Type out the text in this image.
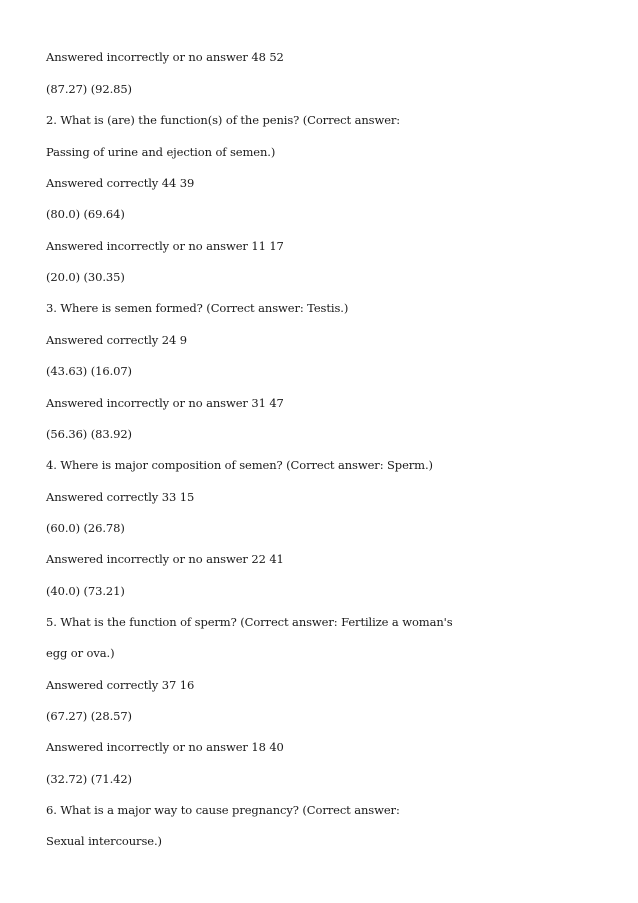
Answered incorrectly or no answer 48 52

(87.27) (92.85)

2. What is (are) the function(s) of the penis? (Correct answer:

Passing of urine and ejection of semen.)

Answered correctly 44 39

(80.0) (69.64)

Answered incorrectly or no answer 11 17

(20.0) (30.35)

3. Where is semen formed? (Correct answer: Testis.)

Answered correctly 24 9

(43.63) (16.07)

Answered incorrectly or no answer 31 47

(56.36) (83.92)

4. Where is major composition of semen? (Correct answer: Sperm.)

Answered correctly 33 15

(60.0) (26.78)

Answered incorrectly or no answer 22 41

(40.0) (73.21)

5. What is the function of sperm? (Correct answer: Fertilize a woman's

egg or ova.)

Answered correctly 37 16

(67.27) (28.57)

Answered incorrectly or no answer 18 40

(32.72) (71.42)

6. What is a major way to cause pregnancy? (Correct answer:

Sexual intercourse.)
